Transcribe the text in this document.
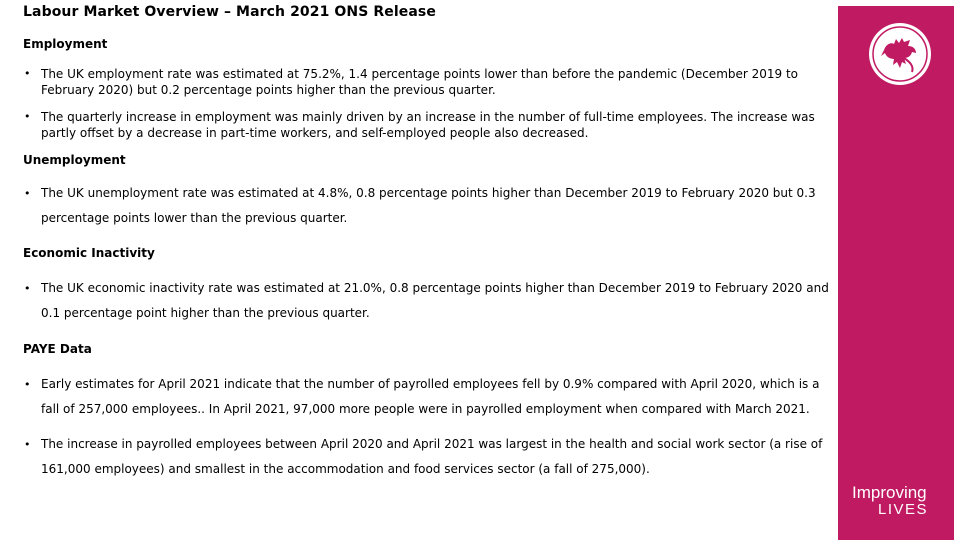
Labour Market Overview – March 2021 ONS Release
Employment
• The UK employment rate was estimated at 75.2%, 1.4 percentage points lower than before the pandemic (December 2019 to February 2020) but 0.2 percentage points higher than the previous quarter.
• The quarterly increase in employment was mainly driven by an increase in the number of full-time employees. The increase was partly offset by a decrease in part-time workers, and self-employed people also decreased.
Unemployment
• The UK unemployment rate was estimated at 4.8%, 0.8 percentage points higher than December 2019 to February 2020 but 0.3 percentage points lower than the previous quarter.
Economic Inactivity
• The UK economic inactivity rate was estimated at 21.0%, 0.8 percentage points higher than December 2019 to February 2020 and 0.1 percentage point higher than the previous quarter.
PAYE Data
• Early estimates for April 2021 indicate that the number of payrolled employees fell by 0.9% compared with April 2020, which is a fall of 257,000 employees.. In April 2021, 97,000 more people were in payrolled employment when compared with March 2021.
• The increase in payrolled employees between April 2020 and April 2021 was largest in the health and social work sector (a rise of 161,000 employees) and smallest in the accommodation and food services sector (a fall of 275,000).
Improving
LIVES
